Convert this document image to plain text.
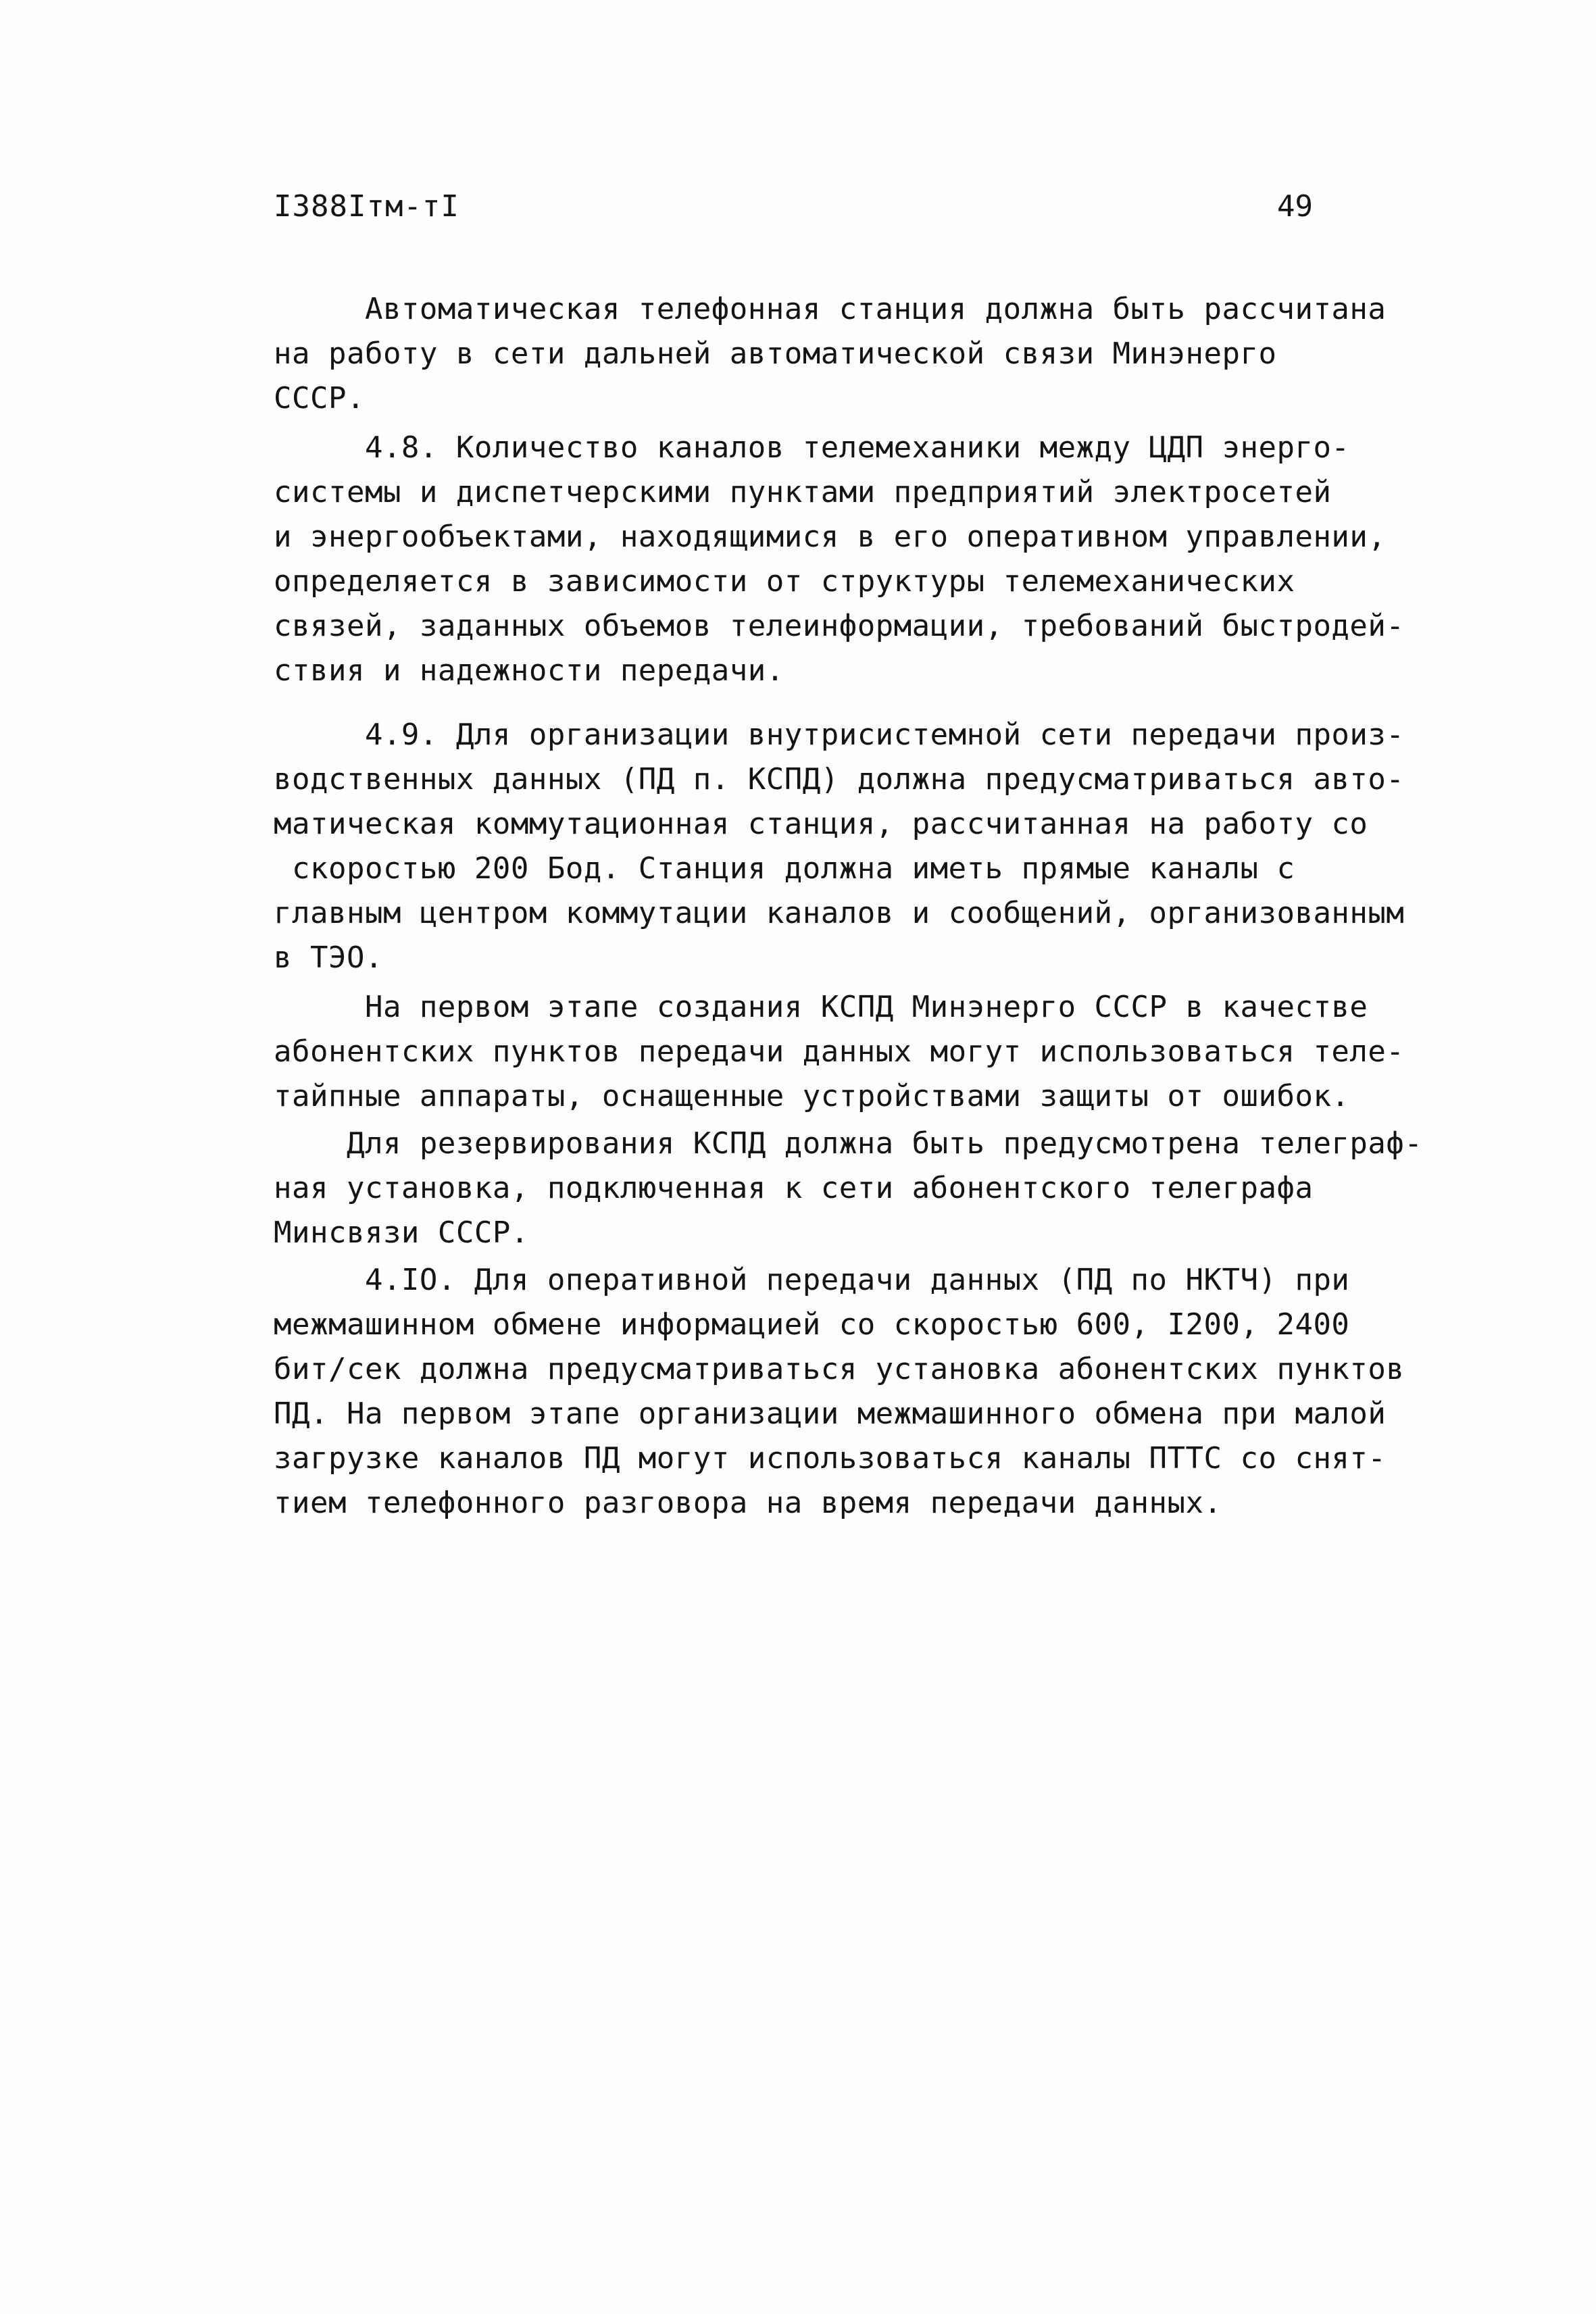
I388Iтм-тI	49
Автоматическая телефонная станция должна быть рассчитана
на работу в сети дальней автоматической связи Минэнерго
СССР.
4.8. Количество каналов телемеханики между ЦДП энерго-
системы и диспетчерскими пунктами предприятий электросетей
и энергообъектами, находящимися в его оперативном управлении,
определяется в зависимости от структуры телемеханических
связей, заданных объемов телеинформации, требований быстродей-
ствия и надежности передачи.
4.9. Для организации внутрисистемной сети передачи произ-
водственных данных (ПД п. КСПД) должна предусматриваться авто-
матическая коммутационная станция, рассчитанная на работу со
скоростью 200 Бод. Станция должна иметь прямые каналы с
главным центром коммутации каналов и сообщений, организованным
в ТЭО.
На первом этапе создания КСПД Минэнерго СССР в качестве
абонентских пунктов передачи данных могут использоваться теле-
тайпные аппараты, оснащенные устройствами защиты от ошибок.
Для резервирования КСПД должна быть предусмотрена телеграф-
ная установка, подключенная к сети абонентского телеграфа
Минсвязи СССР.
4.IO. Для оперативной передачи данных (ПД по НКТЧ) при
межмашинном обмене информацией со скоростью 600, I200, 2400
бит/сек должна предусматриваться установка абонентских пунктов
ПД. На первом этапе организации межмашинного обмена при малой
загрузке каналов ПД могут использоваться каналы ПТТС со снят-
тием телефонного разговора на время передачи данных.
